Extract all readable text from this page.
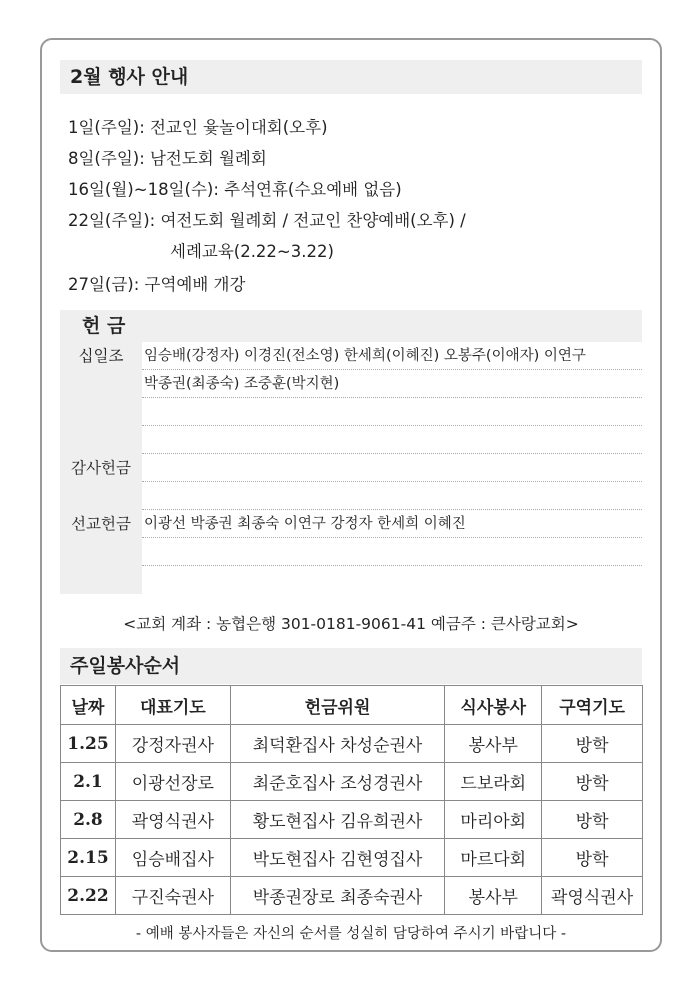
2월 행사 안내
1일(주일): 전교인 윷놀이대회(오후)
8일(주일): 남전도회 월례회
16일(월)~18일(수): 추석연휴(수요예배 없음)
22일(주일): 여전도회 월례회 / 전교인 찬양예배(오후) /
세례교육(2.22~3.22)
27일(금): 구역예배 개강
헌 금
십일조	임승배(강정자) 이경진(전소영) 한세희(이혜진) 오봉주(이애자) 이연구
박종권(최종숙) 조중훈(박지현)
감사헌금
선교헌금 이광선 박종권 최종숙 이연구 강정자 한세희 이혜진
<교회 계좌 : 농협은행 301-0181-9061-41 예금주 : 큰사랑교회>
주일봉사순서
날짜	대표기도	헌금위원	식사봉사	구역기도
1.25	강정자권사	최덕환집사 차성순권사	봉사부	방학
2.1	이광선장로	최준호집사 조성경권사	드보라회	방학
2.8	곽영식권사	황도현집사 김유희권사	마리아회	방학
2.15	임승배집사	박도현집사 김현영집사	마르다회	방학
2.22	구진숙권사	박종권장로 최종숙권사	봉사부	곽영식권사
- 예배 봉사자들은 자신의 순서를 성실히 담당하여 주시기 바랍니다 -
